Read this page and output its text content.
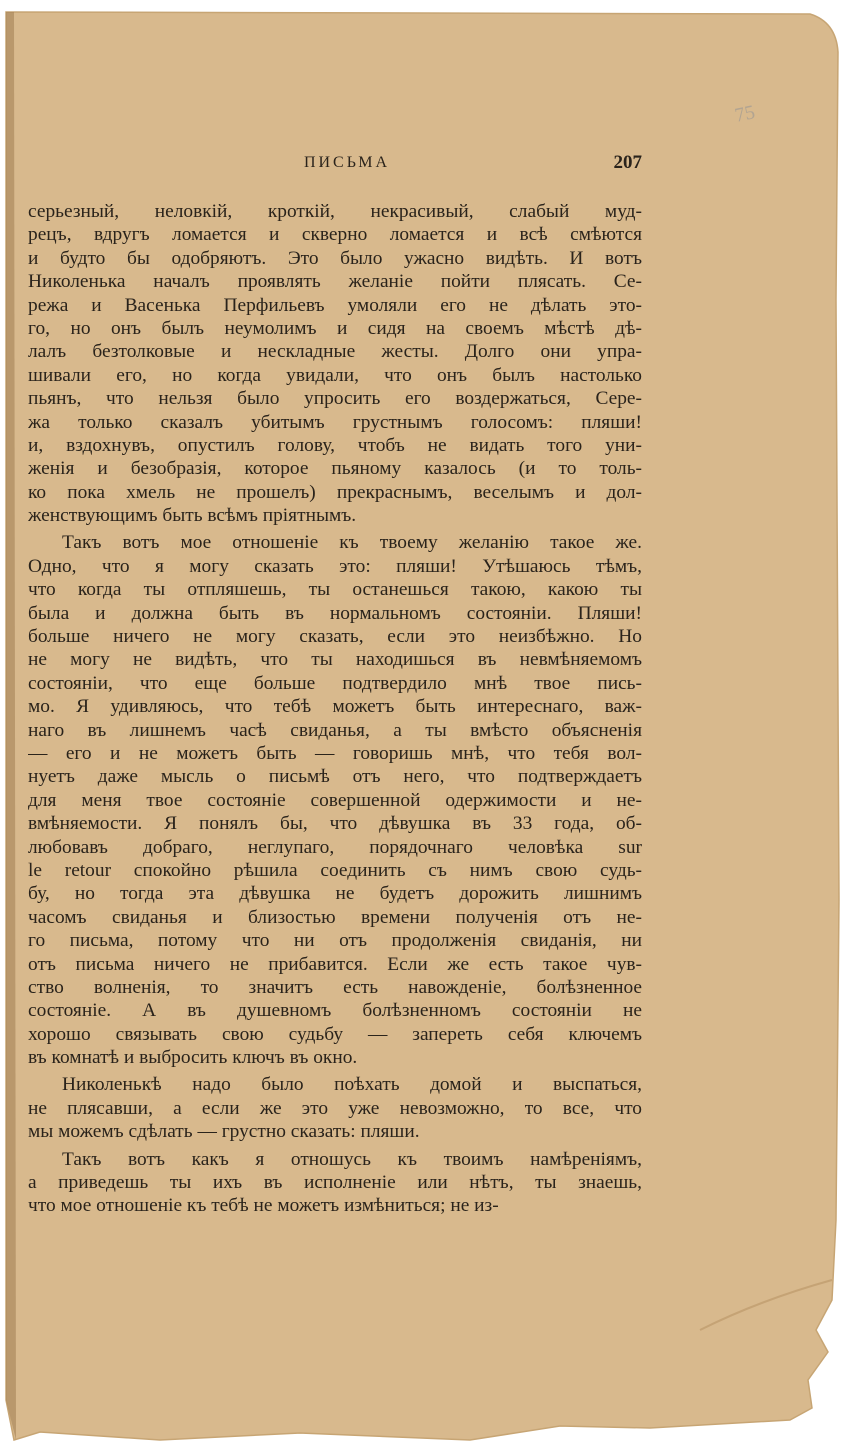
75
ПИСЬМА	207
серьезный, неловкій, кроткій, некрасивый, слабый муд-
рецъ, вдругъ ломается и скверно ломается и всѣ смѣются
и будто бы одобряютъ. Это было ужасно видѣть. И вотъ
Николенька началъ проявлять желаніе пойти плясать. Се-
режа и Васенька Перфильевъ умоляли его не дѣлать это-
го, но онъ былъ неумолимъ и сидя на своемъ мѣстѣ дѣ-
лалъ безтолковые и нескладные жесты. Долго они упра-
шивали его, но когда увидали, что онъ былъ настолько
пьянъ, что нельзя было упросить его воздержаться, Сере-
жа только сказалъ убитымъ грустнымъ голосомъ: пляши!
и, вздохнувъ, опустилъ голову, чтобъ не видать того уни-
женія и безобразія, которое пьяному казалось (и то толь-
ко пока хмель не прошелъ) прекраснымъ, веселымъ и дол-
женствующимъ быть всѣмъ пріятнымъ.
Такъ вотъ мое отношеніе къ твоему желанію такое же.
Одно, что я могу сказать это: пляши! Утѣшаюсь тѣмъ,
что когда ты отпляшешь, ты останешься такою, какою ты
была и должна быть въ нормальномъ состояніи. Пляши!
больше ничего не могу сказать, если это неизбѣжно. Но
не могу не видѣть, что ты находишься въ невмѣняемомъ
состояніи, что еще больше подтвердило мнѣ твое пись-
мо. Я удивляюсь, что тебѣ можетъ быть интереснаго, важ-
наго въ лишнемъ часѣ свиданья, а ты вмѣсто объясненія
— его и не можетъ быть — говоришь мнѣ, что тебя вол-
нуетъ даже мысль о письмѣ отъ него, что подтверждаетъ
для меня твое состояніе совершенной одержимости и не-
вмѣняемости. Я понялъ бы, что дѣвушка въ 33 года, об-
любовавъ добраго, неглупаго, порядочнаго человѣка sur
le retour спокойно рѣшила соединить съ нимъ свою судь-
бу, но тогда эта дѣвушка не будетъ дорожить лишнимъ
часомъ свиданья и близостью времени полученія отъ не-
го письма, потому что ни отъ продолженія свиданія, ни
отъ письма ничего не прибавится. Если же есть такое чув-
ство волненія, то значитъ есть навожденіе, болѣзненное
состояніе. А въ душевномъ болѣзненномъ состояніи не
хорошо связывать свою судьбу — запереть себя ключемъ
въ комнатѣ и выбросить ключъ въ окно.
Николенькѣ надо было поѣхать домой и выспаться,
не плясавши, а если же это уже невозможно, то все, что
мы можемъ сдѣлать — грустно сказать: пляши.
Такъ вотъ какъ я отношусь къ твоимъ намѣреніямъ,
а приведешь ты ихъ въ исполненіе или нѣтъ, ты знаешь,
что мое отношеніе къ тебѣ не можетъ измѣниться; не из-
